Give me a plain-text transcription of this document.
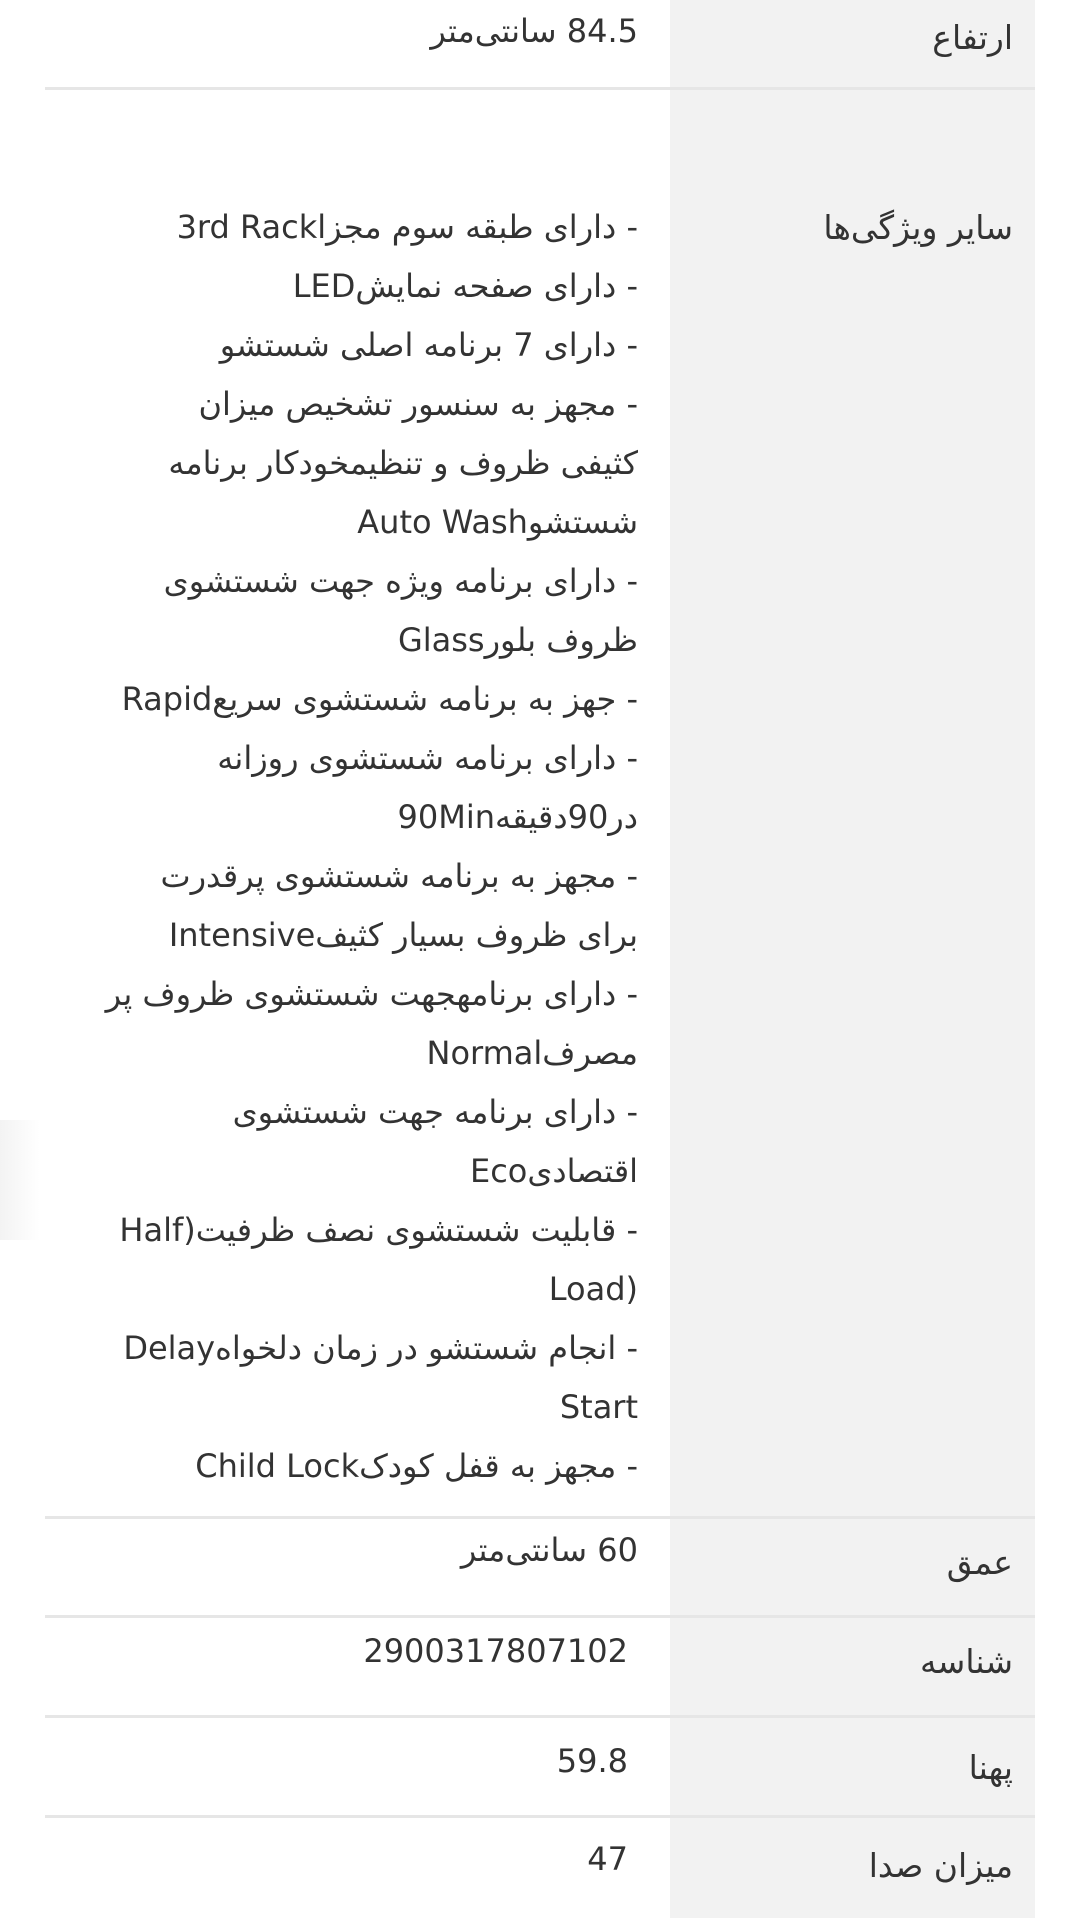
ارتفاع
84.5 سانتی‌متر
سایر ویژگی‌ها
- دارای طبقه سوم مجزا3rd Rack
- دارای صفحه نمایشLED
- دارای 7 برنامه اصلی شستشو
- مجهز به سنسور تشخیص میزان
کثیفی ظروف و تنظیمخودکار برنامه
شستشوAuto Wash
- دارای برنامه ویژه جهت شستشوی
ظروف بلورGlass
- جهز به برنامه شستشوی سریعRapid
- دارای برنامه شستشوی روزانه
در90دقیقه90Min
- مجهز به برنامه شستشوی پرقدرت
برای ظروف بسیار کثیفIntensive
- دارای برنامهجهت شستشوی ظروف پر
مصرفNormal
- دارای برنامه جهت شستشوی
اقتصادیEco
- قابلیت شستشوی نصف ظرفیت(Half
Load)
- انجام شستشو در زمان دلخواهDelay
Start
- مجهز به قفل کودکChild Lock
عمق
60 سانتی‌متر
شناسه
2900317807102
پهنا
59.8
میزان صدا
47
